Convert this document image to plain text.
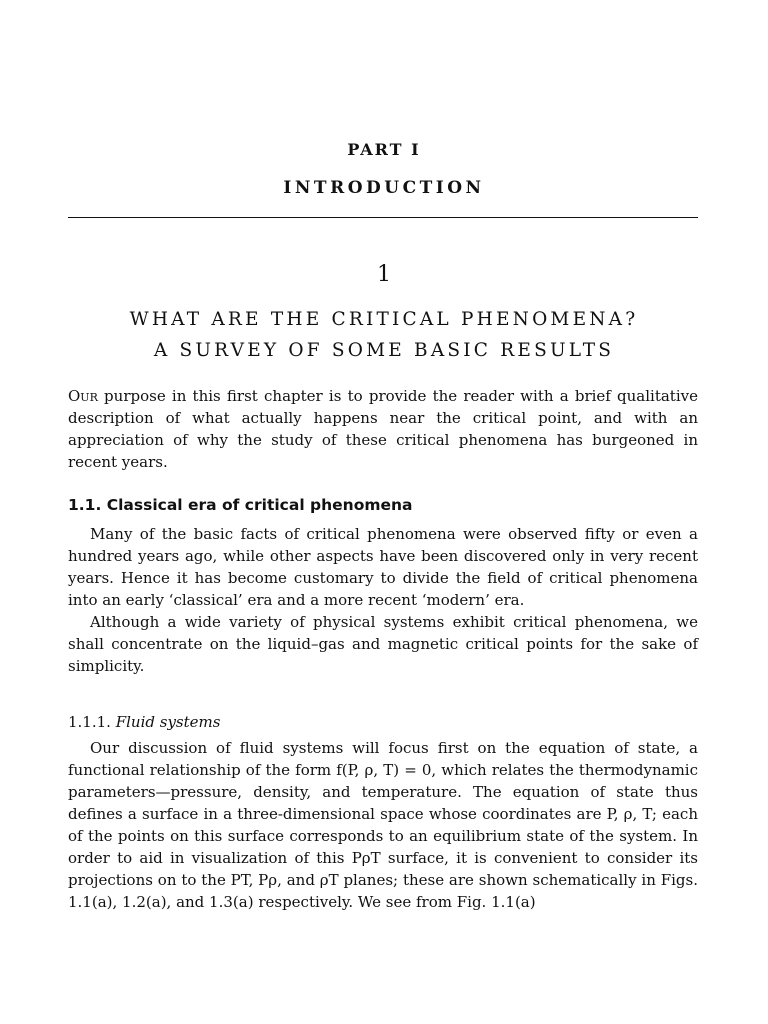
PART I
INTRODUCTION
1
WHAT ARE THE CRITICAL PHENOMENA?
A SURVEY OF SOME BASIC RESULTS

Our purpose in this first chapter is to provide the reader with a brief qualitative description of what actually happens near the critical point, and with an appreciation of why the study of these critical phenomena has burgeoned in recent years.

1.1. Classical era of critical phenomena

Many of the basic facts of critical phenomena were observed fifty or even a hundred years ago, while other aspects have been discovered only in very recent years. Hence it has become customary to divide the field of critical phenomena into an early ‘classical’ era and a more recent ‘modern’ era.

Although a wide variety of physical systems exhibit critical phenomena, we shall concentrate on the liquid–gas and magnetic critical points for the sake of simplicity.

1.1.1. Fluid systems

Our discussion of fluid systems will focus first on the equation of state, a functional relationship of the form f(P, ρ, T) = 0, which relates the thermodynamic parameters—pressure, density, and temperature. The equation of state thus defines a surface in a three-dimensional space whose coordinates are P, ρ, T; each of the points on this surface corresponds to an equilibrium state of the system. In order to aid in visualization of this PρT surface, it is convenient to consider its projections on to the PT, Pρ, and ρT planes; these are shown schematically in Figs. 1.1(a), 1.2(a), and 1.3(a) respectively. We see from Fig. 1.1(a)
